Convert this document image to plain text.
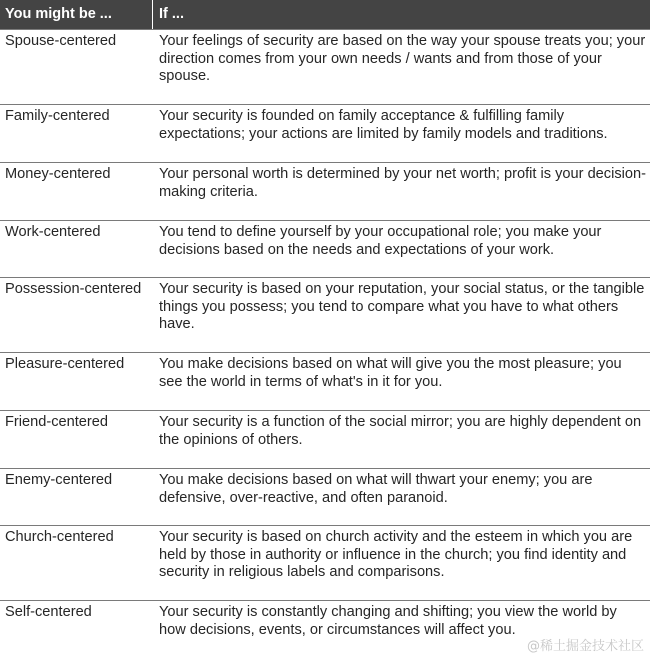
You might be ...	If ...
Spouse-centered	Your feelings of security are based on the way your spouse treats you; your direction comes from your own needs / wants and from those of your spouse.
Family-centered	Your security is founded on family acceptance & fulfilling family expectations; your actions are limited by family models and traditions.
Money-centered	Your personal worth is determined by your net worth; profit is your decision-making criteria.
Work-centered	You tend to define yourself by your occupational role; you make your decisions based on the needs and expectations of your work.
Possession-centered	Your security is based on your reputation, your social status, or the tangible things you possess; you tend to compare what you have to what others have.
Pleasure-centered	You make decisions based on what will give you the most pleasure; you see the world in terms of what's in it for you.
Friend-centered	Your security is a function of the social mirror; you are highly dependent on the opinions of others.
Enemy-centered	You make decisions based on what will thwart your enemy; you are defensive, over-reactive, and often paranoid.
Church-centered	Your security is based on church activity and the esteem in which you are held by those in authority or influence in the church; you find identity and security in religious labels and comparisons.
Self-centered	Your security is constantly changing and shifting; you view the world by how decisions, events, or circumstances will affect you.
@稀土掘金技术社区
